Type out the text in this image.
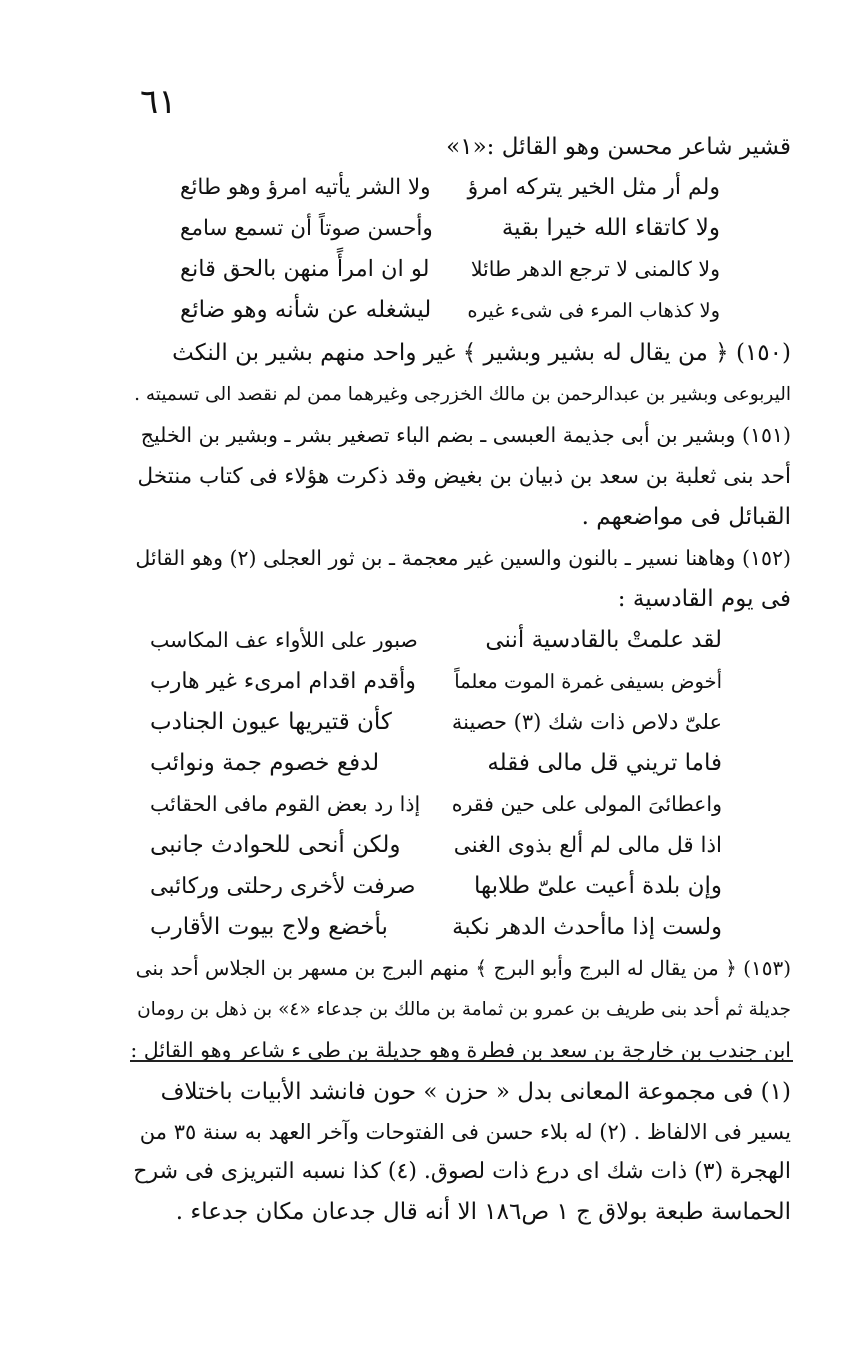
٦١
قشير شاعر محسن وهو القائل :«١»
ولم أر مثل الخير يتركه امرؤ
ولا الشر يأتيه امرؤ وهو طائع
ولا كاتقاء الله خيرا بقية
وأحسن صوتاً أن تسمع سامع
ولا كالمنى لا ترجع الدهر طائلا
لو ان امرأً منهن بالحق قانع
ولا كذهاب المرء فى شىء غيره
ليشغله عن شأنه وهو ضائع
(١٥٠) ﴿ من يقال له بشير وبشير ﴾ غير واحد منهم بشير بن النكث
اليربوعى وبشير بن عبدالرحمن بن مالك الخزرجى وغيرهما ممن لم نقصد الى تسميته .
(١٥١) وبشير بن أبى جذيمة العبسى ـ بضم الباء تصغير بشر ـ وبشير بن الخليج
أحد بنى ثعلبة بن سعد بن ذبيان بن بغيض وقد ذكرت هؤلاء فى كتاب منتخل
القبائل فى مواضعهم .
(١٥٢) وهاهنا نسير ـ بالنون والسين غير معجمة ـ بن ثور العجلى (٢) وهو القائل
فى يوم القادسية :
لقد علمتْ بالقادسية أننى
صبور على اللأواء عف المكاسب
أخوض بسيفى غمرة الموت معلماً
وأقدم اقدام امرىء غير هارب
علىّ دلاص ذات شك (٣) حصينة
كأن قتيريها عيون الجنادب
فاما تريني قل مالى فقله
لدفع خصوم جمة ونوائب
واعطائىَ المولى على حين فقره
إذا رد بعض القوم مافى الحقائب
اذا قل مالى لم ألع بذوى الغنى
ولكن أنحى للحوادث جانبى
وإن بلدة أعيت علىّ طلابها
صرفت لأخرى رحلتى وركائبى
ولست إذا ماأحدث الدهر نكبة
بأخضع ولاج بيوت الأقارب
(١٥٣) ﴿ من يقال له البرج وأبو البرج ﴾ منهم البرج بن مسهر بن الجلاس أحد بنى
جديلة ثم أحد بنى طريف بن عمرو بن ثمامة بن مالك بن جدعاء «٤» بن ذهل بن رومان
ابن جندب بن خارجة بن سعد بن فطرة وهو جديلة بن طى ء شاعر وهو القائل :
(١) فى مجموعة المعانى بدل « حزن » حون فانشد الأبيات باختلاف
يسير فى الالفاظ . (٢) له بلاء حسن فى الفتوحات وآخر العهد به سنة ٣٥ من
الهجرة (٣) ذات شك اى درع ذات لصوق. (٤) كذا نسبه التبريزى فى شرح
الحماسة طبعة بولاق ج ١ ص١٨٦ الا أنه قال جدعان مكان جدعاء .
